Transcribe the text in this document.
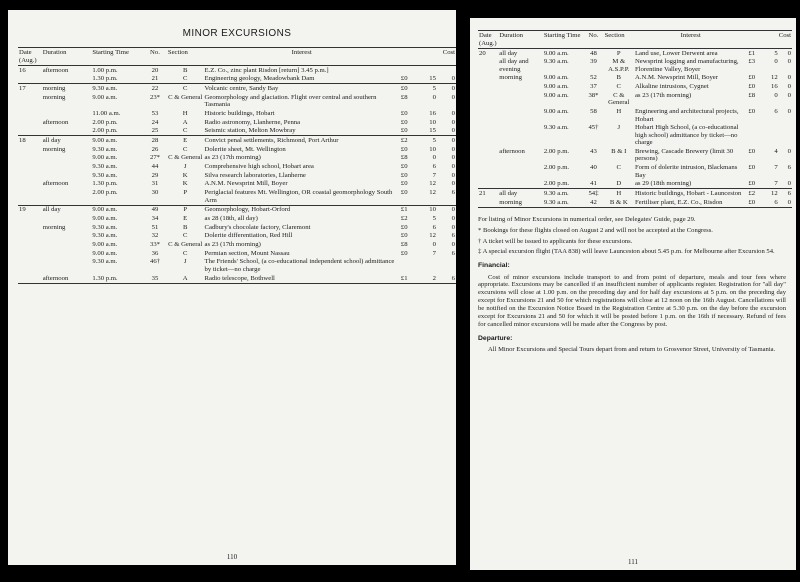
MINOR EXCURSIONS
Date (Aug.)	Duration	Starting Time	No.	Section	Interest	Cost
16	afternoon	1.00 p.m.	20	B	E.Z. Co., zinc plant Risdon [return] 3.45 p.m.]	

		1.30 p.m.	21	C	Engineering geology, Meadowbank Dam	£0 15 0

17	morning	9.30 a.m.	22	C	Volcanic centre, Sandy Bay	£0 5 0

	morning	9.00 a.m.	23*	C & General	Geomorphology and glaciation. Flight over central and southern Tasmania	£8 0 0

		11.00 a.m.	53	H	Historic buildings, Hobart	£0 16 0

	afternoon	2.00 p.m.	24	A	Radio astronomy, Llanherne, Penna	£0 10 0

		2.00 p.m.	25	C	Seismic station, Melton Mowbray	£0 15 0

18	all day	9.00 a.m.	28	E	Convict penal settlements, Richmond, Port Arthur	£2 5 0

	morning	9.30 a.m.	26	C	Dolerite sheet, Mt. Wellington	£0 10 0

		9.00 a.m.	27*	C & General	as 23 (17th morning)	£8 0 0

		9.30 a.m.	44	J	Comprehensive high school, Hobart area	£0 6 0

		9.30 a.m.	29	K	Silva research laboratories, Llanherne	£0 7 0

	afternoon	1.30 p.m.	31	K	A.N.M. Newsprint Mill, Boyer	£0 12 0

		2.00 p.m.	30	P	Periglacial features Mt. Wellington, OR coastal geomorphology South Arm	£0 12 6

19	all day	9.00 a.m.	49	P	Geomorphology, Hobart-Orford	£1 10 0

		9.00 a.m.	34	E	as 28 (18th, all day)	£2 5 0

	morning	9.30 a.m.	51	B	Cadbury's chocolate factory, Claremont	£0 6 0

		9.30 a.m.	32	C	Dolerite differentiation, Red Hill	£0 12 6

		9.00 a.m.	33*	C & General	as 23 (17th morning)	£8 0 0

		9.00 a.m.	36	C	Permian section, Mount Nassau	£0 7 6

		9.30 a.m.	46†	J	The Friends' School, (a co-educational independent school) admittance by ticket—no charge	

	afternoon	1.30 p.m.	35	A	Radio telescope, Bothwell	£1 2 6
110
Date (Aug.)	Duration	Starting Time	No.	Section	Interest	Cost
20	all day	9.00 a.m.	48	P	Land use, Lower Derwent area	£1 5 0

	all day and evening	9.30 a.m.	39	M & A.S.P.P.	Newsprint logging and manufacturing, Florentine Valley, Boyer	£3 0 0

	morning	9.00 a.m.	52	B	A.N.M. Newsprint Mill, Boyer	£0 12 0

		9.00 a.m.	37	C	Alkaline intrusions, Cygnet	£0 16 0

		9.00 a.m.	38*	C & General	as 23 (17th morning)	£8 0 0

		9.00 a.m.	58	H	Engineering and architectural projects, Hobart	£0 6 0

		9.30 a.m.	45†	J	Hobart High School, (a co-educational high school) admittance by ticket—no charge	

	afternoon	2.00 p.m.	43	B & I	Brewing, Cascade Brewery (limit 30 persons)	£0 4 0

		2.00 p.m.	40	C	Form of dolerite intrusion, Blackmans Bay	£0 7 6

		2.00 p.m.	41	D	as 29 (18th morning)	£0 7 0

21	all day	9.30 a.m.	54‡	H	Historic buildings, Hobart - Launceston	£2 12 6

	morning	9.30 a.m.	42	B & K	Fertiliser plant, E.Z. Co., Risdon	£0 6 0

For listing of Minor Excursions in numerical order, see Delegates' Guide, page 29.

* Bookings for these flights closed on August 2 and will not be accepted at the Congress.

† A ticket will be issued to applicants for these excursions.

‡ A special excursion flight (TAA 838) will leave Launceston about 5.45 p.m. for Melbourne after Excursion 54.

Financial:

Cost of minor excursions include transport to and from point of departure, meals and tour fees where appropriate. Excursions may be cancelled if an insufficient number of applicants register. Registration for "all day" excursions will close at 1.00 p.m. on the preceding day and for half day excursions at 5 p.m. on the preceding day except for Excursions 21 and 50 for which registrations will close at 12 noon on the 16th August. Cancellations will be notified on the Excursion Notice Board in the Registration Centre at 5.30 p.m. on the day before the excursion except for Excursions 21 and 50 for which it will be posted before 1 p.m. on the 16th if necessary. Refund of fees for cancelled minor excursions will be made after the Congress by post.

Departure:

All Minor Excursions and Special Tours depart from and return to Grosvenor Street, University of Tasmania.

111
